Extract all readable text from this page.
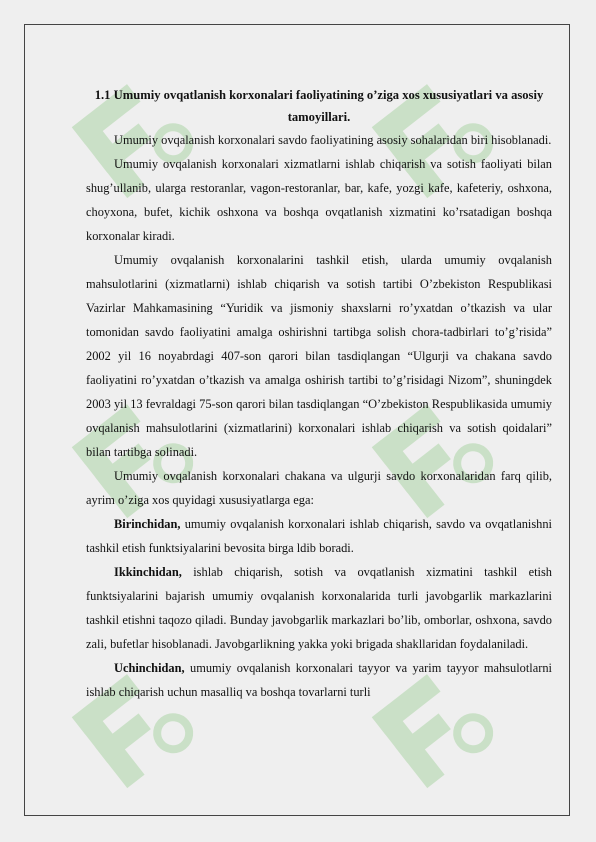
1.1 Umumiy ovqatlanish korxonalari faoliyatining o’ziga xos xususiyatlari va asosiy tamoyillari.

Umumiy ovqalanish korxonalari savdo faoliyatining asosiy sohalaridan biri hisoblanadi.

Umumiy ovqalanish korxonalari xizmatlarni ishlab chiqarish va sotish faoliyati bilan shug’ullanib, ularga restoranlar, vagon-restoranlar, bar, kafe, yozgi kafe, kafeteriy, oshxona, choyxona, bufet, kichik oshxona va boshqa ovqatlanish xizmatini ko’rsatadigan boshqa korxonalar kiradi.

Umumiy ovqalanish korxonalarini tashkil etish, ularda umumiy ovqalanish mahsulotlarini (xizmatlarni) ishlab chiqarish va sotish tartibi O’zbekiston Respublikasi Vazirlar Mahkamasining “Yuridik va jismoniy shaxslarni ro’yxatdan o’tkazish va ular tomonidan savdo faoliyatini amalga oshirishni tartibga solish chora-tadbirlari to’g’risida” 2002 yil 16 noyabrdagi 407-son qarori bilan tasdiqlangan “Ulgurji va chakana savdo faoliyatini ro’yxatdan o’tkazish va amalga oshirish tartibi to’g’risidagi Nizom”, shuningdek 2003 yil 13 fevraldagi 75-son qarori bilan tasdiqlangan “O’zbekiston Respublikasida umumiy ovqalanish mahsulotlarini (xizmatlarini) korxonalari ishlab chiqarish va sotish qoidalari” bilan tartibga solinadi.

Umumiy ovqalanish korxonalari chakana va ulgurji savdo korxonalaridan farq qilib, ayrim o’ziga xos quyidagi xususiyatlarga ega:

Birinchidan, umumiy ovqalanish korxonalari ishlab chiqarish, savdo va ovqatlanishni tashkil etish funktsiyalarini bevosita birga ldib boradi.

Ikkinchidan, ishlab chiqarish, sotish va ovqatlanish xizmatini tashkil etish funktsiyalarini bajarish umumiy ovqalanish korxonalarida turli javobgarlik markazlarini tashkil etishni taqozo qiladi. Bunday javobgarlik markazlari bo’lib, omborlar, oshxona, savdo zali, bufetlar hisoblanadi. Javobgarlikning yakka yoki brigada shakllaridan foydalaniladi.

Uchinchidan, umumiy ovqalanish korxonalari tayyor va yarim tayyor mahsulotlarni ishlab chiqarish uchun masalliq va boshqa tovarlarni turli
